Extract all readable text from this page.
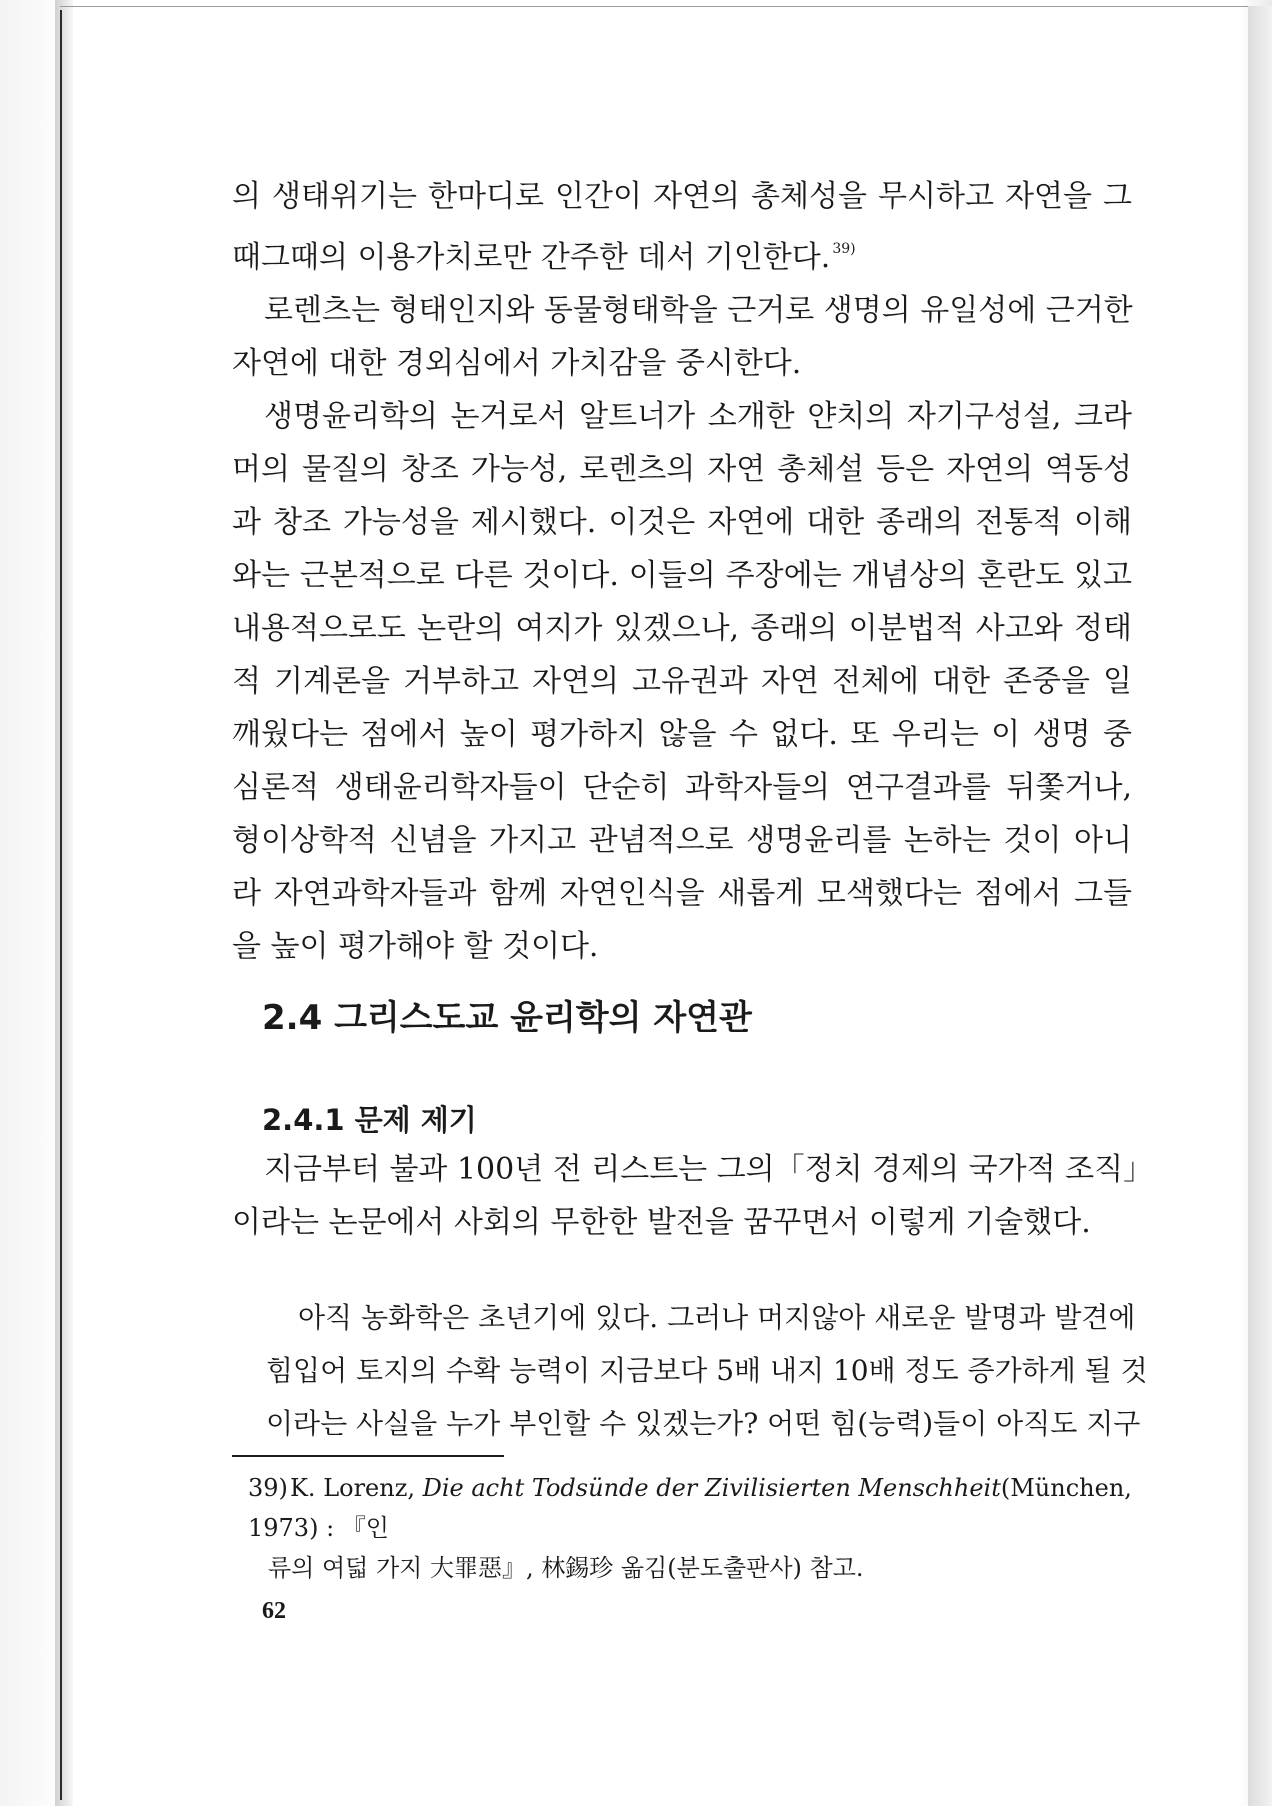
의 생태위기는 한마디로 인간이 자연의 총체성을 무시하고 자연을 그
때그때의 이용가치로만 간주한 데서 기인한다. $^{39)}$

로렌츠는 형태인지와 동물형태학을 근거로 생명의 유일성에 근거한
자연에 대한 경외심에서 가치감을 중시한다.

생명윤리학의 논거로서 알트너가 소개한 얀치의 자기구성설, 크라
머의 물질의 창조 가능성, 로렌츠의 자연 총체설 등은 자연의 역동성
과 창조 가능성을 제시했다. 이것은 자연에 대한 종래의 전통적 이해
와는 근본적으로 다른 것이다. 이들의 주장에는 개념상의 혼란도 있고
내용적으로도 논란의 여지가 있겠으나, 종래의 이분법적 사고와 정태
적 기계론을 거부하고 자연의 고유권과 자연 전체에 대한 존중을 일
깨웠다는 점에서 높이 평가하지 않을 수 없다. 또 우리는 이 생명 중
심론적 생태윤리학자들이 단순히 과학자들의 연구결과를 뒤쫓거나,
형이상학적 신념을 가지고 관념적으로 생명윤리를 논하는 것이 아니
라 자연과학자들과 함께 자연인식을 새롭게 모색했다는 점에서 그들
을 높이 평가해야 할 것이다.

2.4 그리스도교 윤리학의 자연관
2.4.1 문제 제기
지금부터 불과 100년 전 리스트는 그의「정치 경제의 국가적 조직」
이라는 논문에서 사회의 무한한 발전을 꿈꾸면서 이렇게 기술했다.
아직 농화학은 초년기에 있다. 그러나 머지않아 새로운 발명과 발견에
힘입어 토지의 수확 능력이 지금보다 5배 내지 10배 정도 증가하게 될 것
이라는 사실을 누가 부인할 수 있겠는가? 어떤 힘(능력)들이 아직도 지구
39)K. Lorenz, Die acht Todsünde der Zivilisierten Menschheit(München, 1973) : 『인
류의 여덟 가지 大罪惡』, 林錫珍 옮김(분도출판사) 참고.
62
